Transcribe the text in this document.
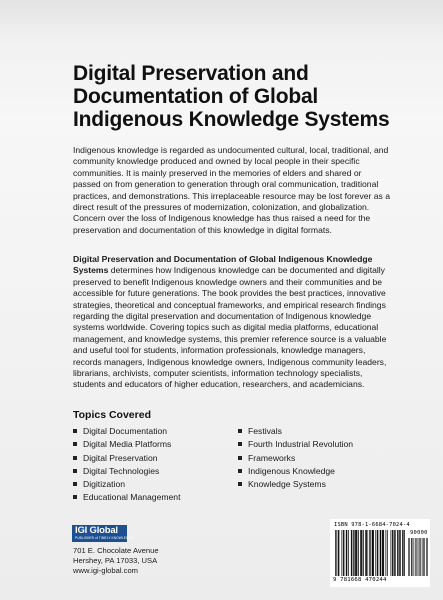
Digital Preservation and
Documentation of Global
Indigenous Knowledge Systems

Indigenous knowledge is regarded as undocumented cultural, local, traditional, and community knowledge produced and owned by local people in their specific communities. It is mainly preserved in the memories of elders and shared or passed on from generation to generation through oral communication, traditional practices, and demonstrations. This irreplaceable resource may be lost forever as a direct result of the pressures of modernization, colonization, and globalization. Concern over the loss of Indigenous knowledge has thus raised a need for the preservation and documentation of this knowledge in digital formats.

Digital Preservation and Documentation of Global Indigenous Knowledge Systems determines how Indigenous knowledge can be documented and digitally preserved to benefit Indigenous knowledge owners and their communities and be accessible for future generations. The book provides the best practices, innovative strategies, theoretical and conceptual frameworks, and empirical research findings regarding the digital preservation and documentation of Indigenous knowledge systems worldwide. Covering topics such as digital media platforms, educational management, and knowledge systems, this premier reference source is a valuable and useful tool for students, information professionals, knowledge managers, records managers, Indigenous knowledge owners, Indigenous community leaders, librarians, archivists, computer scientists, information technology specialists, students and educators of higher education, researchers, and academicians.

Topics Covered
Digital Documentation
Digital Media Platforms
Digital Preservation
Digital Technologies
Digitization
Educational Management
Festivals
Fourth Industrial Revolution
Frameworks
Indigenous Knowledge
Knowledge Systems
IGI Global
PUBLISHER of TIMELY KNOWLEDGE

701 E. Chocolate Avenue
Hershey, PA 17033, USA
www.igi-global.com

ISBN 978-1-6684-7024-4
90000
9 781668 470244
